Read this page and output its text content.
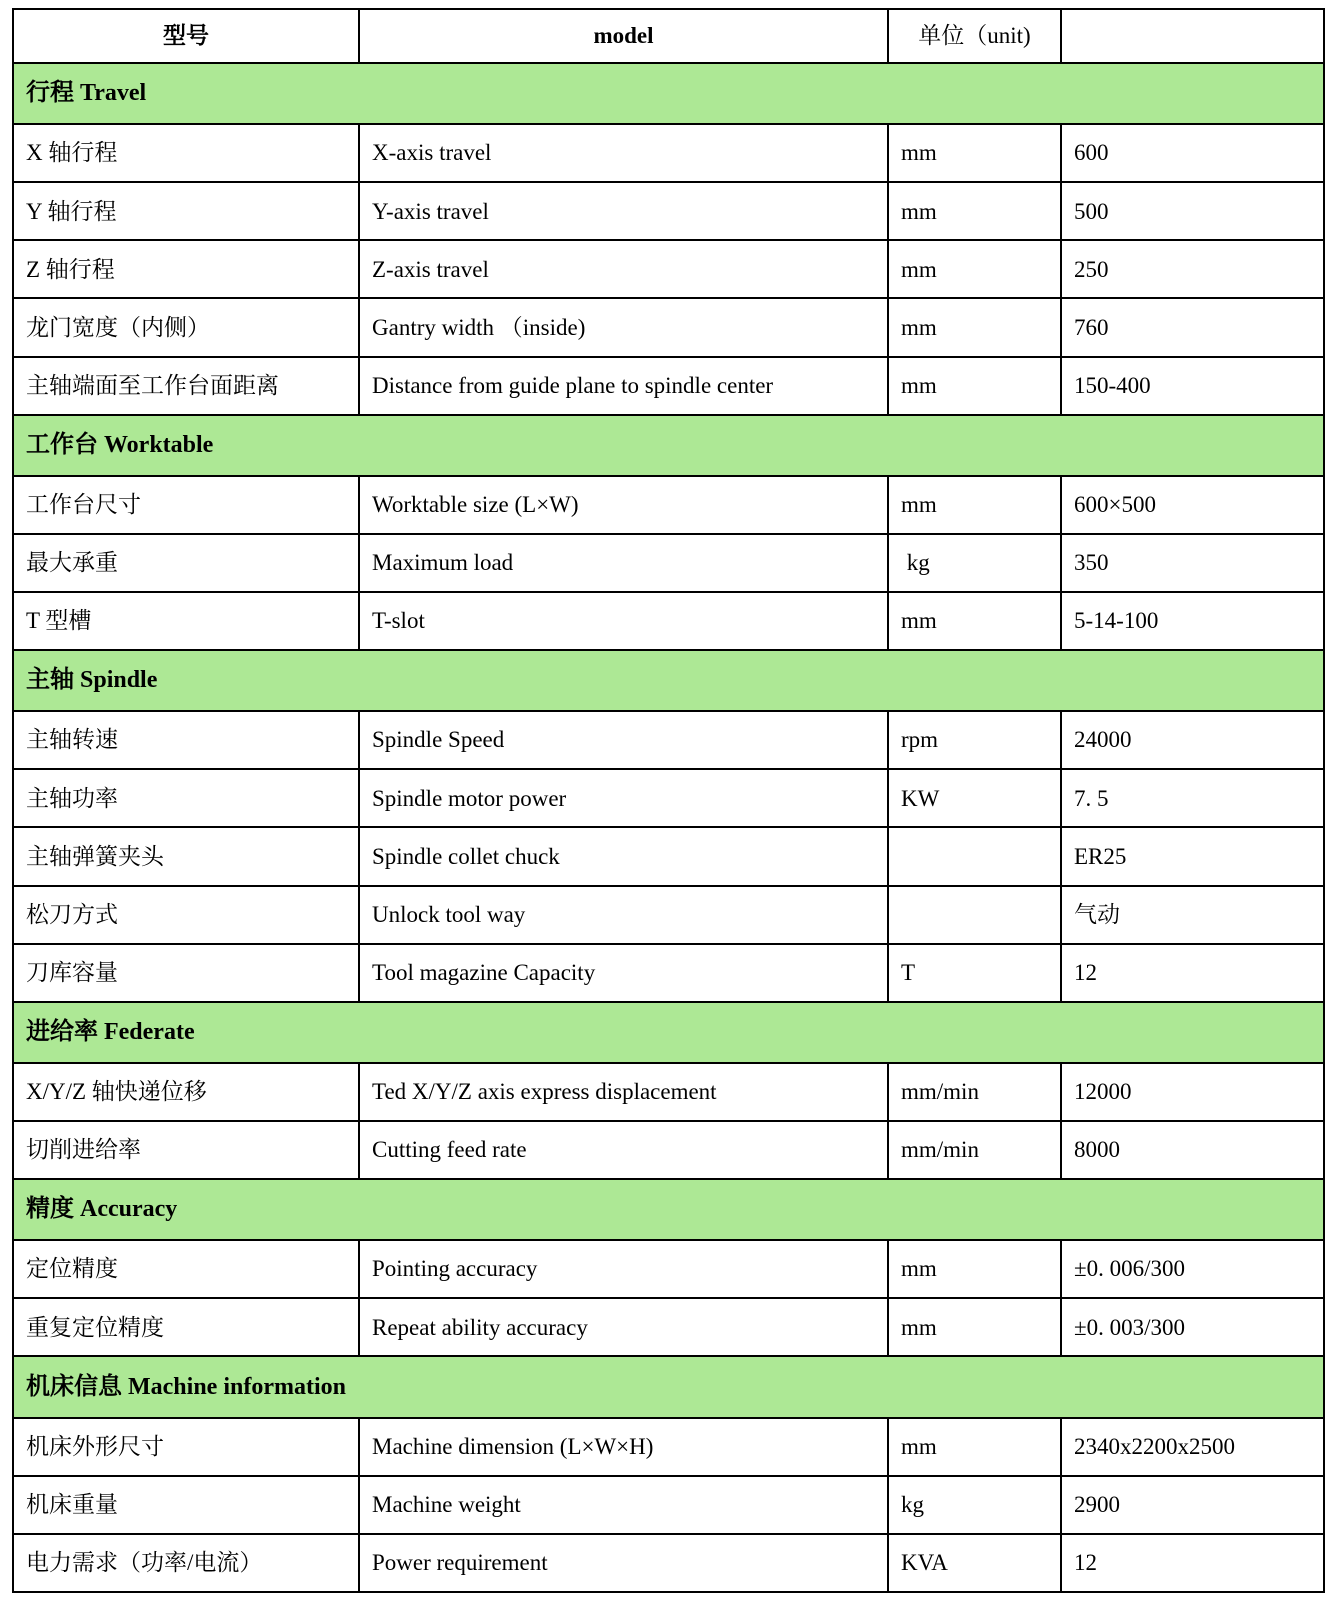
型号	model	单位（unit)	
行程 Travel			
X 轴行程	X-axis travel	mm	600
Y 轴行程	Y-axis travel	mm	500
Z 轴行程	Z-axis travel	mm	250
龙门宽度（内侧）	Gantry width （inside)	mm	760
主轴端面至工作台面距离	Distance from guide plane to spindle center	mm	150-400
工作台 Worktable			
工作台尺寸	Worktable size (L×W)	mm	600×500
最大承重	Maximum load	kg	350
T 型槽	T-slot	mm	5-14-100
主轴 Spindle			
主轴转速	Spindle Speed	rpm	24000
主轴功率	Spindle motor power	KW	7. 5
主轴弹簧夹头	Spindle collet chuck		ER25
松刀方式	Unlock tool way		气动
刀库容量	Tool magazine Capacity	T	12
进给率 Federate			
X/Y/Z 轴快递位移	Ted X/Y/Z axis express displacement	mm/min	12000
切削进给率	Cutting feed rate	mm/min	8000
精度 Accuracy			
定位精度	Pointing accuracy	mm	±0. 006/300
重复定位精度	Repeat ability accuracy	mm	±0. 003/300
机床信息 Machine information			
机床外形尺寸	Machine dimension (L×W×H)	mm	2340x2200x2500
机床重量	Machine weight	kg	2900
电力需求（功率/电流）	Power requirement	KVA	12
